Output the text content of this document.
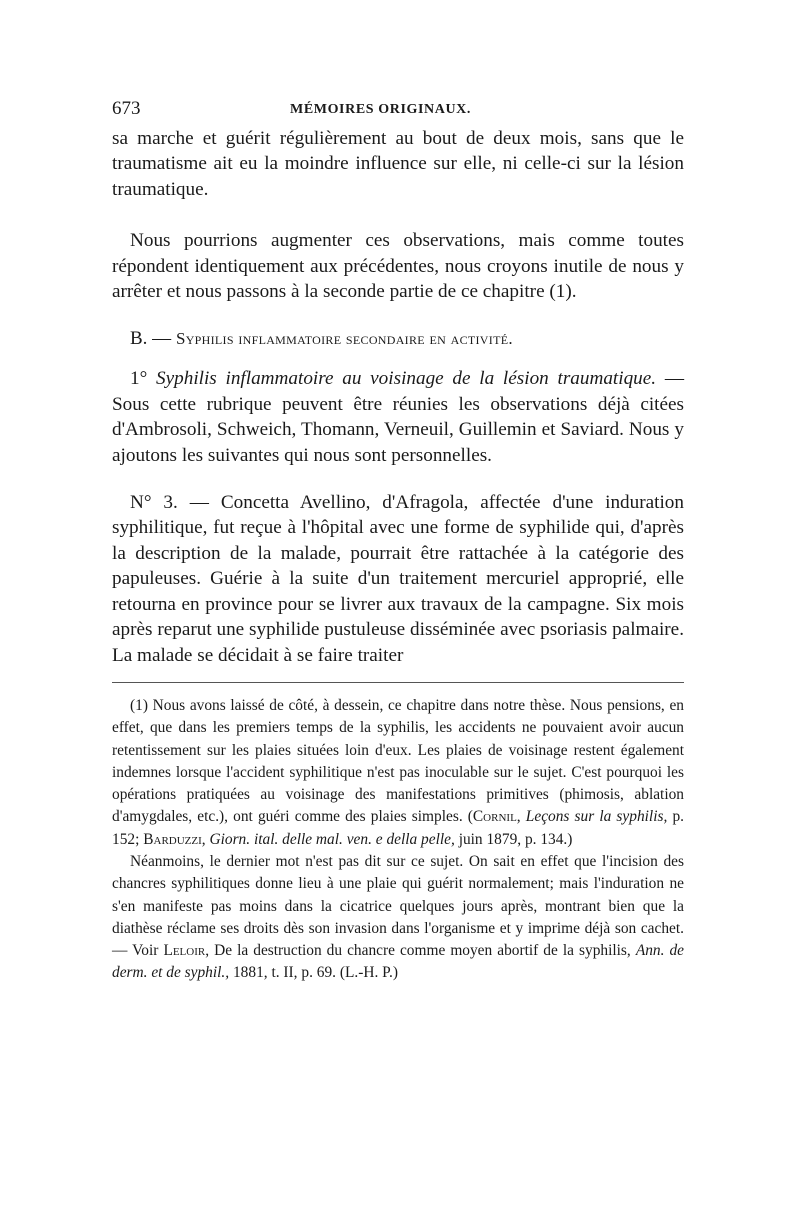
673	MÉMOIRES ORIGINAUX.

sa marche et guérit régulièrement au bout de deux mois, sans que le traumatisme ait eu la moindre influence sur elle, ni celle-ci sur la lésion traumatique.

Nous pourrions augmenter ces observations, mais comme toutes répondent identiquement aux précédentes, nous croyons inutile de nous y arrêter et nous passons à la seconde partie de ce chapitre (1).

B. — Syphilis inflammatoire secondaire en activité.

1° Syphilis inflammatoire au voisinage de la lésion traumatique. — Sous cette rubrique peuvent être réunies les observations déjà citées d'Ambrosoli, Schweich, Thomann, Verneuil, Guillemin et Saviard. Nous y ajoutons les suivantes qui nous sont personnelles.

N° 3. — Concetta Avellino, d'Afragola, affectée d'une induration syphilitique, fut reçue à l'hôpital avec une forme de syphilide qui, d'après la description de la malade, pourrait être rattachée à la catégorie des papuleuses. Guérie à la suite d'un traitement mercuriel approprié, elle retourna en province pour se livrer aux travaux de la campagne. Six mois après reparut une syphilide pustuleuse disséminée avec psoriasis palmaire. La malade se décidait à se faire traiter

(1) Nous avons laissé de côté, à dessein, ce chapitre dans notre thèse. Nous pensions, en effet, que dans les premiers temps de la syphilis, les accidents ne pouvaient avoir aucun retentissement sur les plaies situées loin d'eux. Les plaies de voisinage restent également indemnes lorsque l'accident syphilitique n'est pas inoculable sur le sujet. C'est pourquoi les opérations pratiquées au voisinage des manifestations primitives (phimosis, ablation d'amygdales, etc.), ont guéri comme des plaies simples. (Cornil, Leçons sur la syphilis, p. 152; Barduzzi, Giorn. ital. delle mal. ven. e della pelle, juin 1879, p. 134.)

Néanmoins, le dernier mot n'est pas dit sur ce sujet. On sait en effet que l'incision des chancres syphilitiques donne lieu à une plaie qui guérit normalement; mais l'induration ne s'en manifeste pas moins dans la cicatrice quelques jours après, montrant bien que la diathèse réclame ses droits dès son invasion dans l'organisme et y imprime déjà son cachet. — Voir Leloir, De la destruction du chancre comme moyen abortif de la syphilis, Ann. de derm. et de syphil., 1881, t. II, p. 69. (L.-H. P.)
